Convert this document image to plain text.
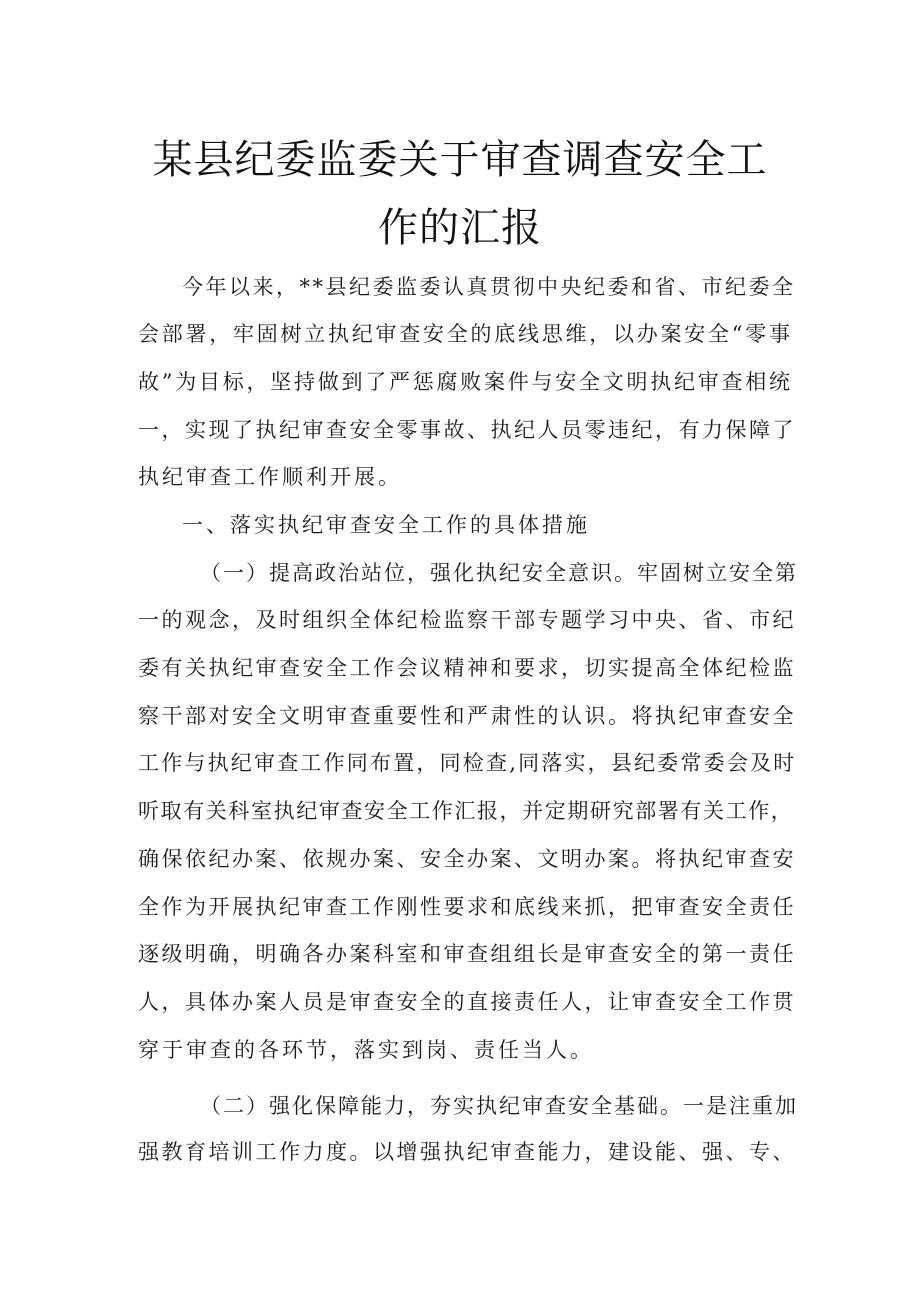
某县纪委监委关于审查调查安全工
作的汇报

今年以来，**县纪委监委认真贯彻中央纪委和省、市纪委全

会部署，牢固树立执纪审查安全的底线思维，以办案安全“零事

故”为目标，坚持做到了严惩腐败案件与安全文明执纪审查相统

一，实现了执纪审查安全零事故、执纪人员零违纪，有力保障了

执纪审查工作顺利开展。

一、落实执纪审查安全工作的具体措施

（一）提高政治站位，强化执纪安全意识。牢固树立安全第

一的观念，及时组织全体纪检监察干部专题学习中央、省、市纪

委有关执纪审查安全工作会议精神和要求，切实提高全体纪检监

察干部对安全文明审查重要性和严肃性的认识。将执纪审查安全

工作与执纪审查工作同布置，同检查,同落实，县纪委常委会及时

听取有关科室执纪审查安全工作汇报，并定期研究部署有关工作，

确保依纪办案、依规办案、安全办案、文明办案。将执纪审查安

全作为开展执纪审查工作刚性要求和底线来抓，把审查安全责任

逐级明确，明确各办案科室和审查组组长是审查安全的第一责任

人，具体办案人员是审查安全的直接责任人，让审查安全工作贯

穿于审查的各环节，落实到岗、责任当人。

（二）强化保障能力，夯实执纪审查安全基础。一是注重加

强教育培训工作力度。以增强执纪审查能力，建设能、强、专、
